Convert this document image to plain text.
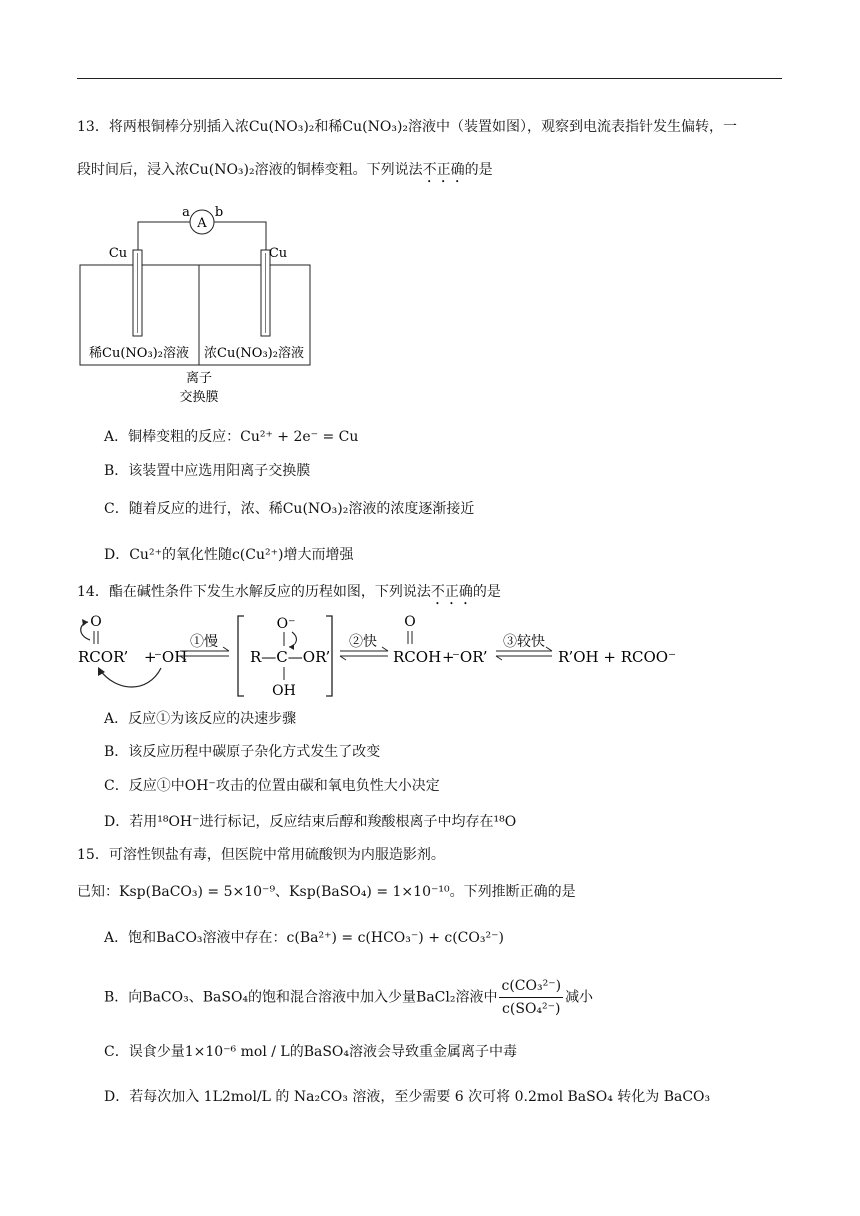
13．将两根铜棒分别插入浓Cu(NO₃)₂和稀Cu(NO₃)₂溶液中（装置如图），观察到电流表指针发生偏转，一
段时间后，浸入浓Cu(NO₃)₂溶液的铜棒变粗。下列说法不正确的是
A
a b
Cu	Cu
稀Cu(NO₃)₂溶液 浓Cu(NO₃)₂溶液
离子
交换膜
A．铜棒变粗的反应：Cu²⁺ + 2e⁻ = Cu
B．该装置中应选用阳离子交换膜
C．随着反应的进行，浓、稀Cu(NO₃)₂溶液的浓度逐渐接近
D．Cu²⁺的氧化性随c(Cu²⁺)增大而增强
14．酯在碱性条件下发生水解反应的历程如图，下列说法不正确的是
O
RCOR’ +
⁻OH
①慢
O⁻
R—C—OR’
OH
②快
O
RCOH +
⁻OR’
③较快
R’OH + RCOO⁻
A．反应①为该反应的决速步骤
B．该反应历程中碳原子杂化方式发生了改变
C．反应①中OH⁻攻击的位置由碳和氧电负性大小决定
D．若用¹⁸OH⁻进行标记，反应结束后醇和羧酸根离子中均存在¹⁸O
15．可溶性钡盐有毒，但医院中常用硫酸钡为内服造影剂。
已知：Ksp(BaCO₃) = 5×10⁻⁹、Ksp(BaSO₄) = 1×10⁻¹⁰。下列推断正确的是
A．饱和BaCO₃溶液中存在：c(Ba²⁺) = c(HCO₃⁻) + c(CO₃²⁻)
B．向BaCO₃、BaSO₄的饱和混合溶液中加入少量BaCl₂溶液中 $\frac{\text{c(CO₃²⁻)}}{\text{c(SO₄²⁻)}}$ 减小
C．误食少量1×10⁻⁶ mol / L的BaSO₄溶液会导致重金属离子中毒
D．若每次加入 1L2mol/L 的 Na₂CO₃ 溶液，至少需要 6 次可将 0.2mol BaSO₄ 转化为 BaCO₃
